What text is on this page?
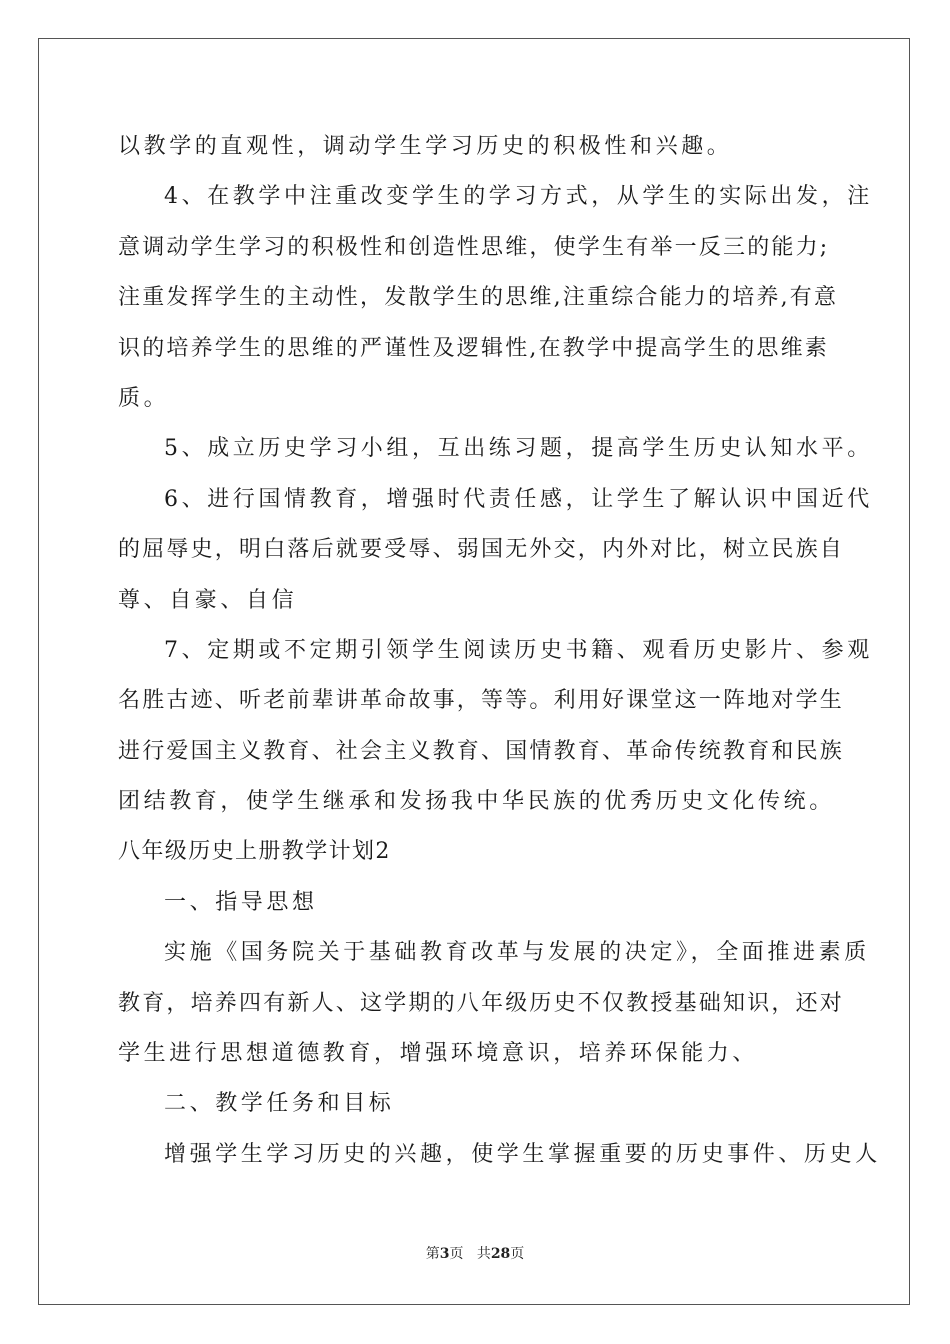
以教学的直观性，调动学生学习历史的积极性和兴趣。
4、在教学中注重改变学生的学习方式，从学生的实际出发，注
意调动学生学习的积极性和创造性思维，使学生有举一反三的能力;
注重发挥学生的主动性，发散学生的思维,注重综合能力的培养,有意
识的培养学生的思维的严谨性及逻辑性,在教学中提高学生的思维素
质。
5、成立历史学习小组，互出练习题，提高学生历史认知水平。
6、进行国情教育，增强时代责任感，让学生了解认识中国近代
的屈辱史，明白落后就要受辱、弱国无外交，内外对比，树立民族自
尊、自豪、自信
7、定期或不定期引领学生阅读历史书籍、观看历史影片、参观
名胜古迹、听老前辈讲革命故事，等等。利用好课堂这一阵地对学生
进行爱国主义教育、社会主义教育、国情教育、革命传统教育和民族
团结教育，使学生继承和发扬我中华民族的优秀历史文化传统。
八年级历史上册教学计划2
一、指导思想
实施《国务院关于基础教育改革与发展的决定》，全面推进素质
教育，培养四有新人、这学期的八年级历史不仅教授基础知识，还对
学生进行思想道德教育，增强环境意识，培养环保能力、
二、教学任务和目标
增强学生学习历史的兴趣，使学生掌握重要的历史事件、历史人
第3页 共28页
